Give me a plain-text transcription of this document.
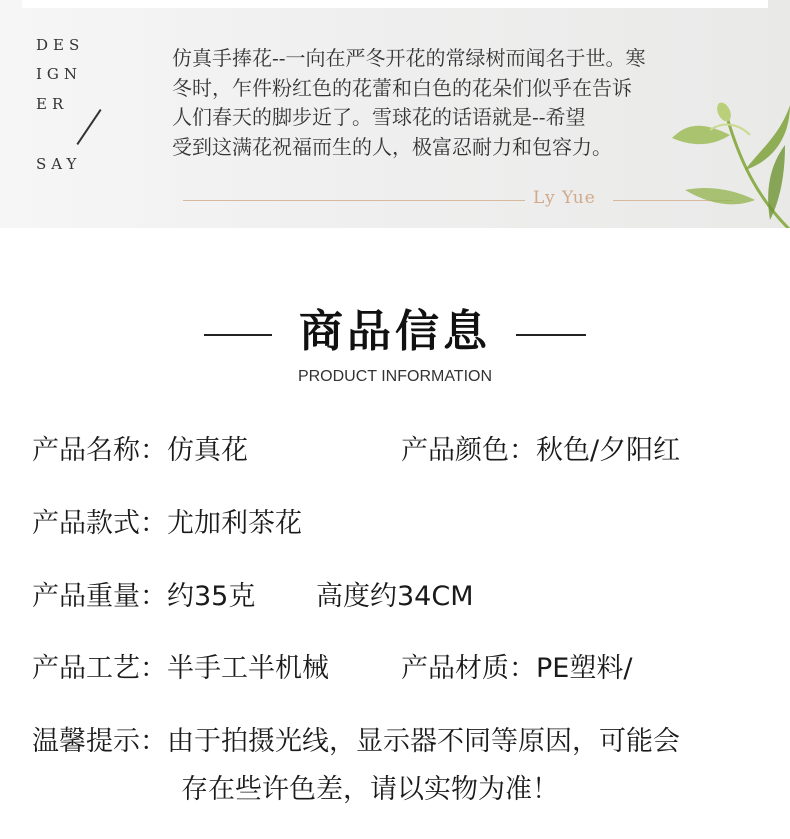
DES
IGN
ER
SAY

仿真手捧花--一向在严冬开花的常绿树而闻名于世。寒
冬时，乍件粉红色的花蕾和白色的花朵们似乎在告诉
人们春天的脚步近了。雪球花的话语就是--希望
受到这满花祝福而生的人，极富忍耐力和包容力。

Ly Yue
商品信息
PRODUCT INFORMATION
产品名称：仿真花	产品颜色：秋色/夕阳红
产品款式：尤加利茶花
产品重量：约35克 高度约34CM
产品工艺：半手工半机械	产品材质：PE塑料/
温馨提示：由于拍摄光线，显示器不同等原因，可能会
存在些许色差，请以实物为准！
